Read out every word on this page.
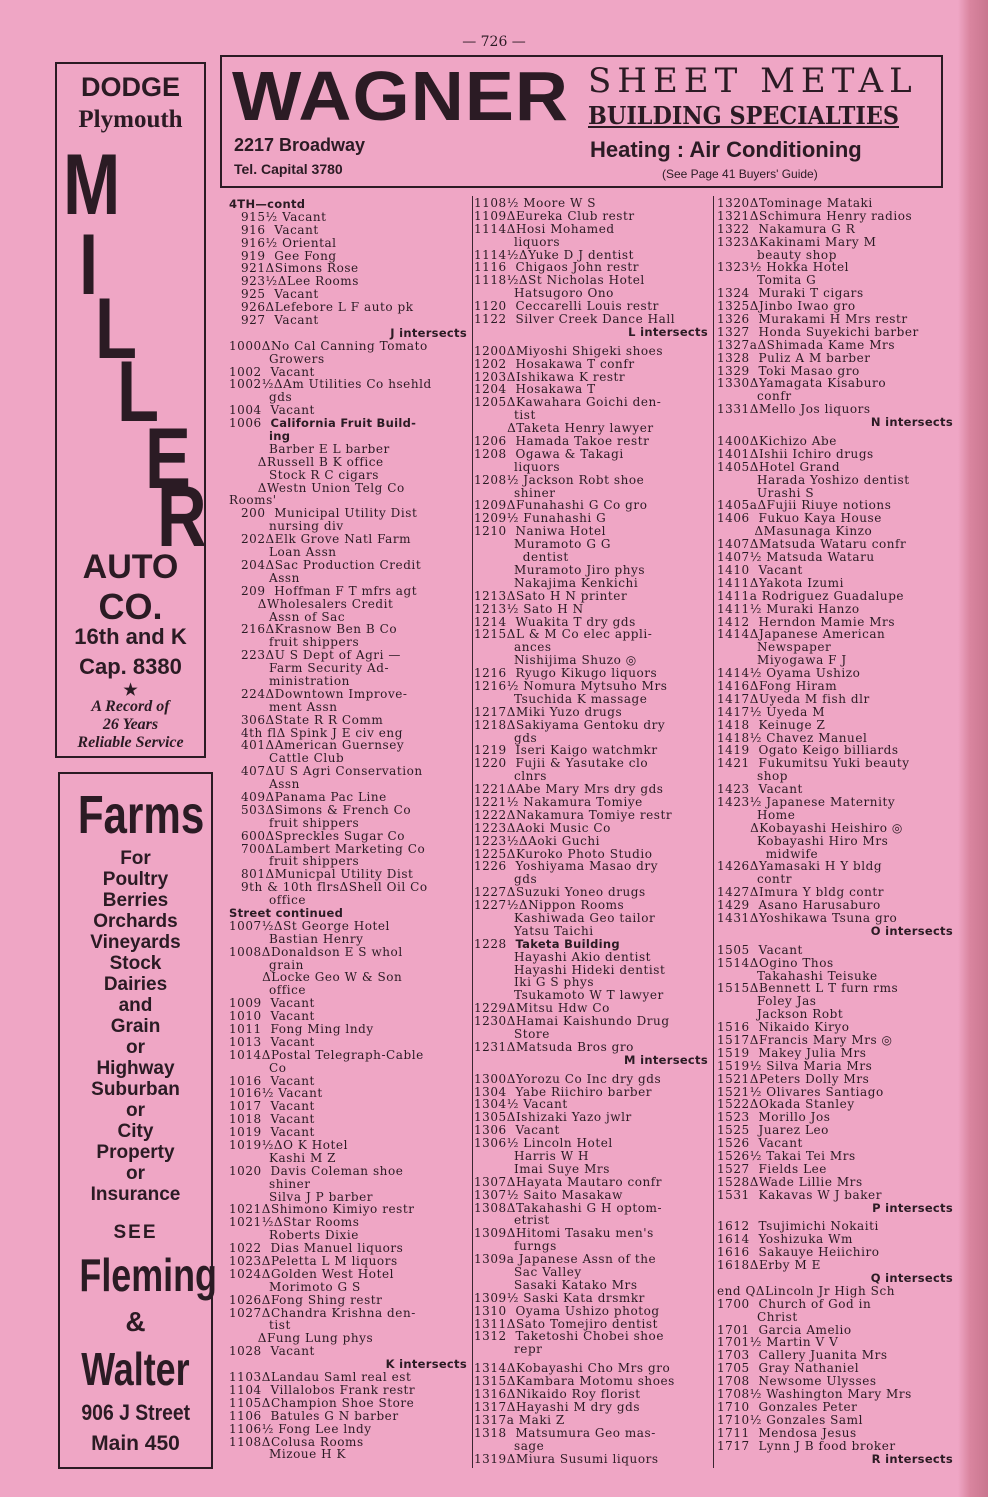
— 726 —
DODGE
Plymouth
M
I
L
L
E
R
AUTO
CO.
16th and K
Cap. 8380
★
A Record of
26 Years
Reliable Service
Farms
For
Poultry
Berries
Orchards
Vineyards
Stock
Dairies
and
Grain
or
Highway
Suburban
or
City
Property
or
Insurance
SEE
Fleming
&
Walter
906 J Street
Main 450
WAGNER
2217 Broadway
Tel. Capital 3780
SHEET METAL
BUILDING SPECIALTIES
Heating : Air Conditioning
(See Page 41 Buyers' Guide)
4TH—contd
915½ Vacant
916  Vacant
916½ Oriental
919  Gee Fong
921ΔSimons Rose
923½ΔLee Rooms
925  Vacant
926ΔLefebore L F auto pk
927  Vacant
J intersects
1000ΔNo Cal Canning Tomato
Growers
1002  Vacant
1002½ΔAm Utilities Co hsehld
gds
1004  Vacant
1006  California Fruit Build-
ing
Barber E L barber
ΔRussell B K office
Stock R C cigars
ΔWestn Union Telg Co
Rooms'
200  Municipal Utility Dist
nursing div
202ΔElk Grove Natl Farm
Loan Assn
204ΔSac Production Credit
Assn
209  Hoffman F T mfrs agt
ΔWholesalers Credit
Assn of Sac
216ΔKrasnow Ben B Co
fruit shippers
223ΔU S Dept of Agri —
Farm Security Ad-
ministration
224ΔDowntown Improve-
ment Assn
306ΔState R R Comm
4th flΔ Spink J E civ eng
401ΔAmerican Guernsey
Cattle Club
407ΔU S Agri Conservation
Assn
409ΔPanama Pac Line
503ΔSimons & French Co
fruit shippers
600ΔSpreckles Sugar Co
700ΔLambert Marketing Co
fruit shippers
801ΔMunicpal Utility Dist
9th & 10th flrsΔShell Oil Co
office
Street continued
1007½ΔSt George Hotel
Bastian Henry
1008ΔDonaldson E S whol
grain
ΔLocke Geo W & Son
office
1009  Vacant
1010  Vacant
1011  Fong Ming lndy
1013  Vacant
1014ΔPostal Telegraph-Cable
Co
1016  Vacant
1016½ Vacant
1017  Vacant
1018  Vacant
1019  Vacant
1019½ΔO K Hotel
Kashi M Z
1020  Davis Coleman shoe
shiner
Silva J P barber
1021ΔShimono Kimiyo restr
1021½ΔStar Rooms
Roberts Dixie
1022  Dias Manuel liquors
1023ΔPeletta L M liquors
1024ΔGolden West Hotel
Morimoto G S
1026ΔFong Shing restr
1027ΔChandra Krishna den-
tist
ΔFung Lung phys
1028  Vacant
K intersects
1103ΔLandau Saml real est
1104  Villalobos Frank restr
1105ΔChampion Shoe Store
1106  Batules G N barber
1106½ Fong Lee lndy
1108ΔColusa Rooms
Mizoue H K
1108½ Moore W S
1109ΔEureka Club restr
1114ΔHosi Mohamed
liquors
1114½ΔYuke D J dentist
1116  Chigaos John restr
1118½ΔSt Nicholas Hotel
Hatsugoro Ono
1120  Ceccarelli Louis restr
1122  Silver Creek Dance Hall
L intersects
1200ΔMiyoshi Shigeki shoes
1202  Hosakawa T confr
1203ΔIshikawa K restr
1204  Hosakawa T
1205ΔKawahara Goichi den-
tist
ΔTaketa Henry lawyer
1206  Hamada Takoe restr
1208  Ogawa & Takagi
liquors
1208½ Jackson Robt shoe
shiner
1209ΔFunahashi G Co gro
1209½ Funahashi G
1210  Naniwa Hotel
Muramoto G G
dentist
Muramoto Jiro phys
Nakajima Kenkichi
1213ΔSato H N printer
1213½ Sato H N
1214  Wuakita T dry gds
1215ΔL & M Co elec appli-
ances
Nishijima Shuzo ◎
1216  Ryugo Kikugo liquors
1216½ Nomura Mytsuho Mrs
Tsuchida K massage
1217ΔMiki Yuzo drugs
1218ΔSakiyama Gentoku dry
gds
1219  Iseri Kaigo watchmkr
1220  Fujii & Yasutake clo
clnrs
1221ΔAbe Mary Mrs dry gds
1221½ Nakamura Tomiye
1222ΔNakamura Tomiye restr
1223ΔAoki Music Co
1223½ΔAoki Guchi
1225ΔKuroko Photo Studio
1226  Yoshiyama Masao dry
gds
1227ΔSuzuki Yoneo drugs
1227½ΔNippon Rooms
Kashiwada Geo tailor
Yatsu Taichi
1228  Taketa Building
Hayashi Akio dentist
Hayashi Hideki dentist
Iki G S phys
Tsukamoto W T lawyer
1229ΔMitsu Hdw Co
1230ΔHamai Kaishundo Drug
Store
1231ΔMatsuda Bros gro
M intersects
1300ΔYorozu Co Inc dry gds
1304  Yabe Riichiro barber
1304½ Vacant
1305ΔIshizaki Yazo jwlr
1306  Vacant
1306½ Lincoln Hotel
Harris W H
Imai Suye Mrs
1307ΔHayata Mautaro confr
1307½ Saito Masakaw
1308ΔTakahashi G H optom-
etrist
1309ΔHitomi Tasaku men's
furngs
1309a Japanese Assn of the
Sac Valley
Sasaki Katako Mrs
1309½ Saski Kata drsmkr
1310  Oyama Ushizo photog
1311ΔSato Tomejiro dentist
1312  Taketoshi Chobei shoe
repr
1314ΔKobayashi Cho Mrs gro
1315ΔKambara Motomu shoes
1316ΔNikaido Roy florist
1317ΔHayashi M dry gds
1317a Maki Z
1318  Matsumura Geo mas-
sage
1319ΔMiura Susumi liquors
1320ΔTominage Mataki
1321ΔSchimura Henry radios
1322  Nakamura G R
1323ΔKakinami Mary M
beauty shop
1323½ Hokka Hotel
Tomita G
1324  Muraki T cigars
1325ΔJinbo Iwao gro
1326  Murakami H Mrs restr
1327  Honda Suyekichi barber
1327aΔShimada Kame Mrs
1328  Puliz A M barber
1329  Toki Masao gro
1330ΔYamagata Kisaburo
confr
1331ΔMello Jos liquors
N intersects
1400ΔKichizo Abe
1401ΔIshii Ichiro drugs
1405ΔHotel Grand
Harada Yoshizo dentist
Urashi S
1405aΔFujii Riuye notions
1406  Fukuo Kaya House
ΔMasunaga Kinzo
1407ΔMatsuda Wataru confr
1407½ Matsuda Wataru
1410  Vacant
1411ΔYakota Izumi
1411a Rodriguez Guadalupe
1411½ Muraki Hanzo
1412  Herndon Mamie Mrs
1414ΔJapanese American
Newspaper
Miyogawa F J
1414½ Oyama Ushizo
1416ΔFong Hiram
1417ΔUyeda M fish dlr
1417½ Uyeda M
1418  Keinuge Z
1418½ Chavez Manuel
1419  Ogato Keigo billiards
1421  Fukumitsu Yuki beauty
shop
1423  Vacant
1423½ Japanese Maternity
Home
ΔKobayashi Heishiro ◎
Kobayashi Hiro Mrs
midwife
1426ΔYamasaki H Y bldg
contr
1427ΔImura Y bldg contr
1429  Asano Harusaburo
1431ΔYoshikawa Tsuna gro
O intersects
1505  Vacant
1514ΔOgino Thos
Takahashi Teisuke
1515ΔBennett L T furn rms
Foley Jas
Jackson Robt
1516  Nikaido Kiryo
1517ΔFrancis Mary Mrs ◎
1519  Makey Julia Mrs
1519½ Silva Maria Mrs
1521ΔPeters Dolly Mrs
1521½ Olivares Santiago
1522ΔOkada Stanley
1523  Morillo Jos
1525  Juarez Leo
1526  Vacant
1526½ Takai Tei Mrs
1527  Fields Lee
1528ΔWade Lillie Mrs
1531  Kakavas W J baker
P intersects
1612  Tsujimichi Nokaiti
1614  Yoshizuka Wm
1616  Sakauye Heiichiro
1618ΔErby M E
Q intersects
end QΔLincoln Jr High Sch
1700  Church of God in
Christ
1701  Garcia Amelio
1701½ Martin V V
1703  Callery Juanita Mrs
1705  Gray Nathaniel
1708  Newsome Ulysses
1708½ Washington Mary Mrs
1710  Gonzales Peter
1710½ Gonzales Saml
1711  Mendosa Jesus
1717  Lynn J B food broker
R intersects
